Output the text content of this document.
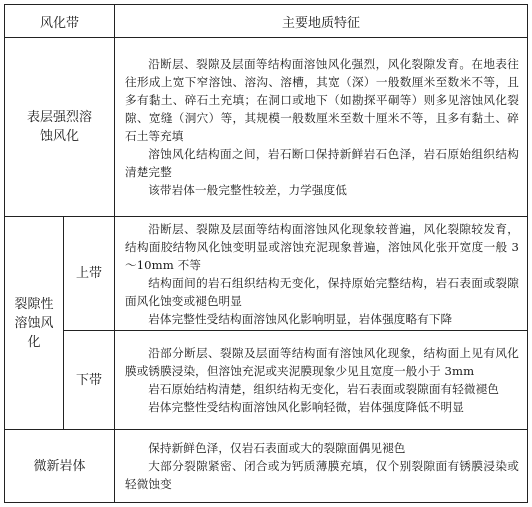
风化带	主要地质特征
表层强烈溶蚀风化

沿断层、裂隙及层面等结构面溶蚀风化强烈，风化裂隙发育。在地表往往形成上宽下窄溶蚀、溶沟、溶槽，其宽（深）一般数厘米至数米不等，且多有黏土、碎石土充填；在洞口或地下（如勘探平硐等）则多见溶蚀风化裂隙、宽缝（洞穴）等，其规模一般数厘米至数十厘米不等，且多有黏土、碎石土等充填

溶蚀风化结构面之间，岩石断口保持新鲜岩石色泽，岩石原始组织结构清楚完整

该带岩体一般完整性较差，力学强度低

裂隙性溶蚀风化
上带
下带

沿断层、裂隙及层面等结构面溶蚀风化现象较普遍，风化裂隙较发育，结构面胶结物风化蚀变明显或溶蚀充泥现象普遍，溶蚀风化张开宽度一般 3～10mm 不等

结构面间的岩石组织结构无变化，保持原始完整结构，岩石表面或裂隙面风化蚀变或褪色明显

岩体完整性受结构面溶蚀风化影响明显，岩体强度略有下降

沿部分断层、裂隙及层面等结构面有溶蚀风化现象，结构面上见有风化膜或锈膜浸染，但溶蚀充泥或夹泥膜现象少见且宽度一般小于 3mm

岩石原始结构清楚，组织结构无变化，岩石表面或裂隙面有轻微褪色

岩体完整性受结构面溶蚀风化影响轻微，岩体强度降低不明显

微新岩体

保持新鲜色泽，仅岩石表面或大的裂隙面偶见褪色

大部分裂隙紧密、闭合或为钙质薄膜充填，仅个别裂隙面有锈膜浸染或轻微蚀变
